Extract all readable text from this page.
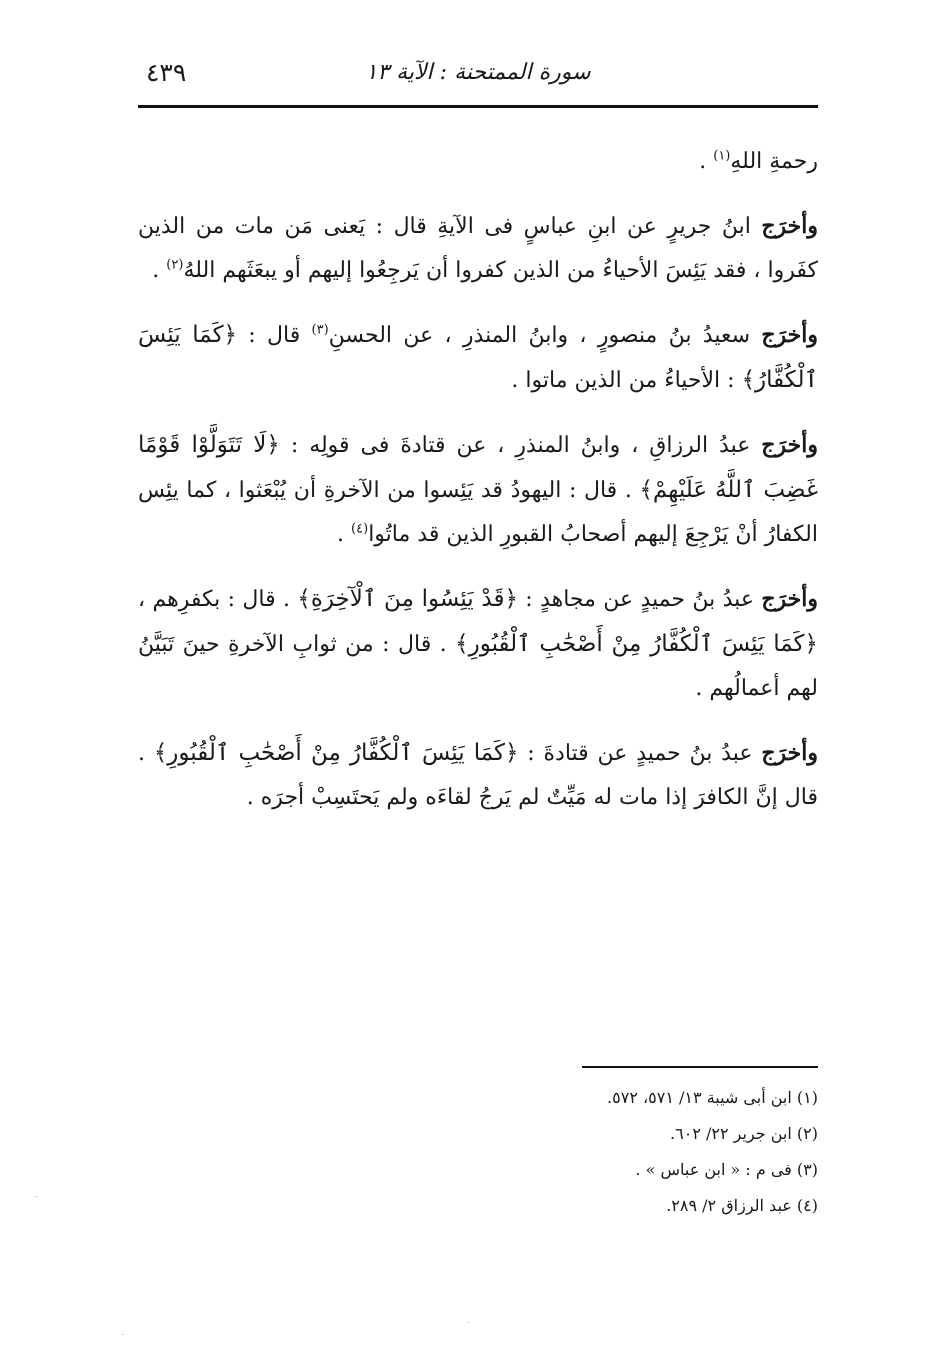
٤٣٩	سورة الممتحنة : الآية ١٣

رحمةِ اللهِ$^{(١)}$ .

وأخرَج ابنُ جريرٍ عن ابنِ عباسٍ فى الآيةِ قال : يَعنى مَن مات من الذين كفَروا ، فقد يَئِسَ الأحياءُ من الذين كفروا أن يَرجِعُوا إليهم أو يبعَثَهم اللهُ$^{(٢)}$ .

وأخرَج سعيدُ بنُ منصورٍ ، وابنُ المنذرِ ، عن الحسنِ$^{(٣)}$ قال : ﴿كَمَا يَئِسَ ٱلْكُفَّارُ﴾ : الأحياءُ من الذين ماتوا .

وأخرَج عبدُ الرزاقِ ، وابنُ المنذرِ ، عن قتادةَ فى قولِه : ﴿لَا تَتَوَلَّوْا قَوْمًا غَضِبَ ٱللَّهُ عَلَيْهِمْ﴾ . قال : اليهودُ قد يَئِسوا من الآخرةِ أن يُبْعَثوا ، كما يئِس الكفارُ أنْ يَرْجِعَ إليهم أصحابُ القبورِ الذين قد ماتُوا$^{(٤)}$ .

وأخرَج عبدُ بنُ حميدٍ عن مجاهدٍ : ﴿قَدْ يَئِسُوا مِنَ ٱلْآخِرَةِ﴾ . قال : بكفرِهم ، ﴿كَمَا يَئِسَ ٱلْكُفَّارُ مِنْ أَصْحَٰبِ ٱلْقُبُورِ﴾ . قال : من ثوابِ الآخرةِ حينَ تَبَيَّنُ لهم أعمالُهم .

وأخرَج عبدُ بنُ حميدٍ عن قتادةَ : ﴿كَمَا يَئِسَ ٱلْكُفَّارُ مِنْ أَصْحَٰبِ ٱلْقُبُورِ﴾ . قال إنَّ الكافرَ إذا مات له مَيِّتٌ لم يَرجُ لقاءَه ولم يَحتَسِبْ أجرَه .

(١) ابن أبى شيبة ١٣/ ٥٧١، ٥٧٢.

(٢) ابن جرير ٢٢/ ٦٠٢.

(٣) فى م : « ابن عباس » .

(٤) عبد الرزاق ٢/ ٢٨٩.
